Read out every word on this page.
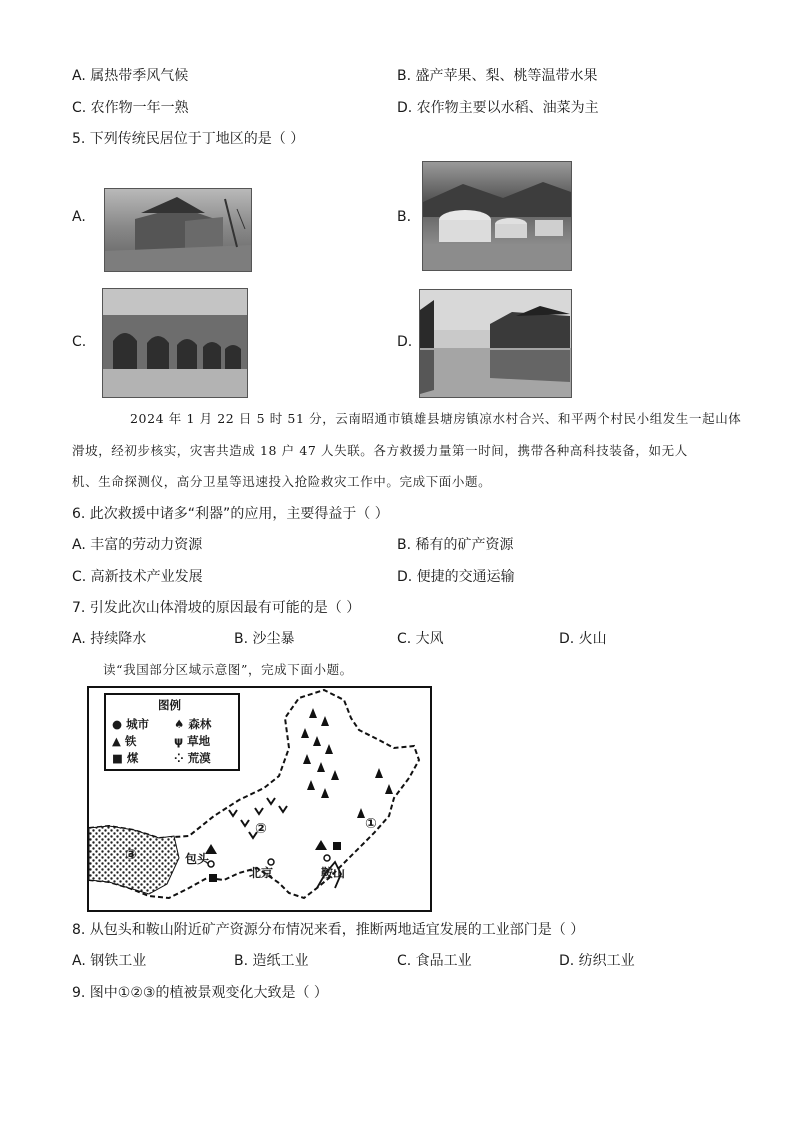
A. 属热带季风气候	B. 盛产苹果、梨、桃等温带水果
C. 农作物一年一熟	D. 农作物主要以水稻、油菜为主
5. 下列传统民居位于丁地区的是（ ）
A.	B.
C.	D.
2024 年 1 月 22 日 5 时 51 分，云南昭通市镇雄县塘房镇凉水村合兴、和平两个村民小组发生一起山体
滑坡，经初步核实，灾害共造成 18 户 47 人失联。各方救援力量第一时间，携带各种高科技装备，如无人
机、生命探测仪，高分卫星等迅速投入抢险救灾工作中。完成下面小题。
6. 此次救援中诸多“利器”的应用，主要得益于（ ）
A. 丰富的劳动力资源	B. 稀有的矿产资源
C. 高新技术产业发展	D. 便捷的交通运输
7. 引发此次山体滑坡的原因最有可能的是（ ）
A. 持续降水	B. 沙尘暴	C. 大风	D. 火山
读“我国部分区域示意图”，完成下面小题。
图例
● 城市
▲ 铁
■ 煤
♠ 森林
ψ 草地
⁘ 荒漠
③
②	①
包头
北京	鞍山
8. 从包头和鞍山附近矿产资源分布情况来看，推断两地适宜发展的工业部门是（ ）
A. 钢铁工业	B. 造纸工业	C. 食品工业	D. 纺织工业
9. 图中①②③的植被景观变化大致是（ ）
